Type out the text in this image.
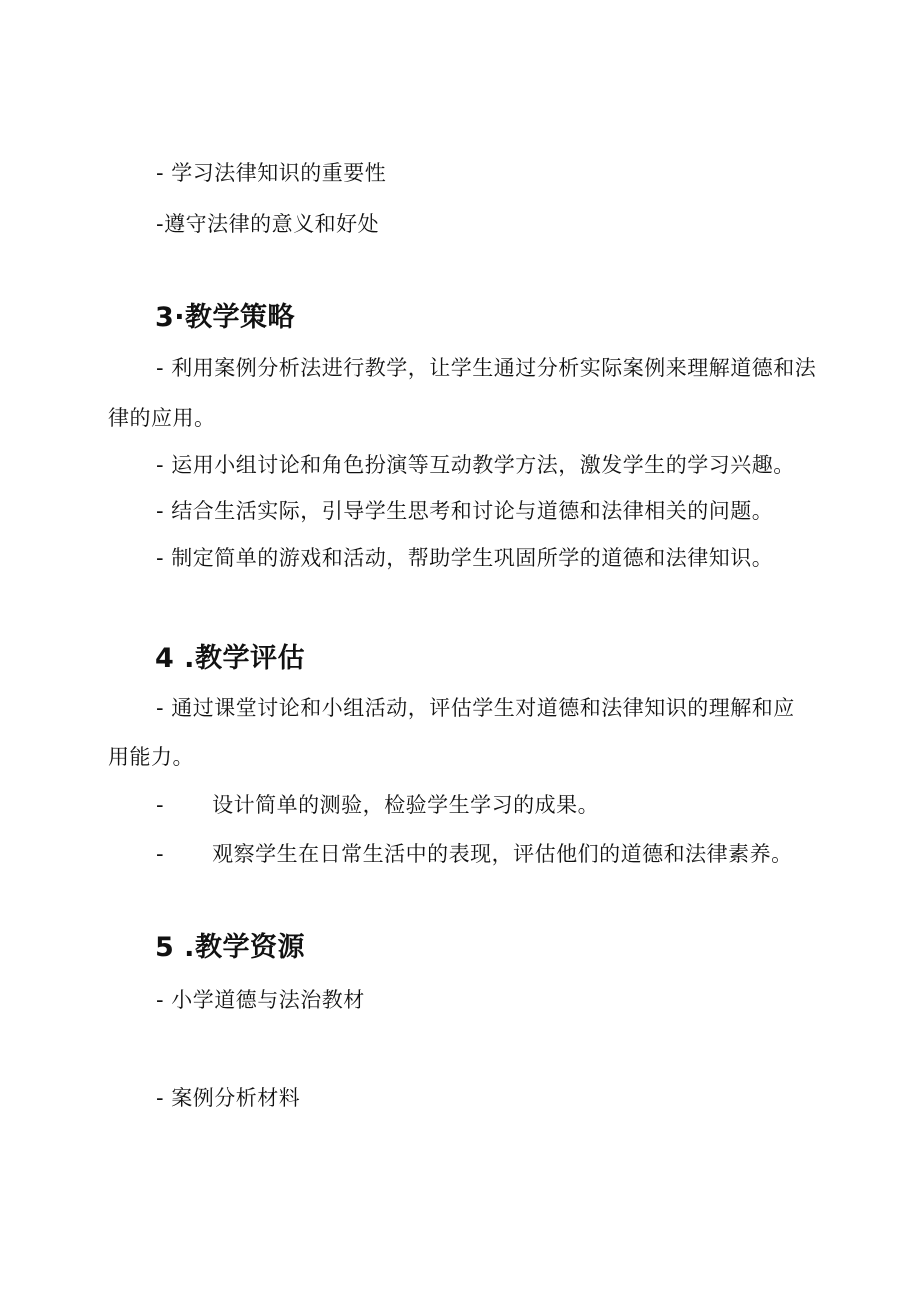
- 学习法律知识的重要性
-遵守法律的意义和好处
3·教学策略
- 利用案例分析法进行教学，让学生通过分析实际案例来理解道德和法
律的应用。
- 运用小组讨论和角色扮演等互动教学方法，激发学生的学习兴趣。
- 结合生活实际，引导学生思考和讨论与道德和法律相关的问题。
- 制定简单的游戏和活动，帮助学生巩固所学的道德和法律知识。
4 .教学评估
- 通过课堂讨论和小组活动，评估学生对道德和法律知识的理解和应
用能力。
- 设计简单的测验，检验学生学习的成果。
- 观察学生在日常生活中的表现，评估他们的道德和法律素养。
5 .教学资源
- 小学道德与法治教材
- 案例分析材料
